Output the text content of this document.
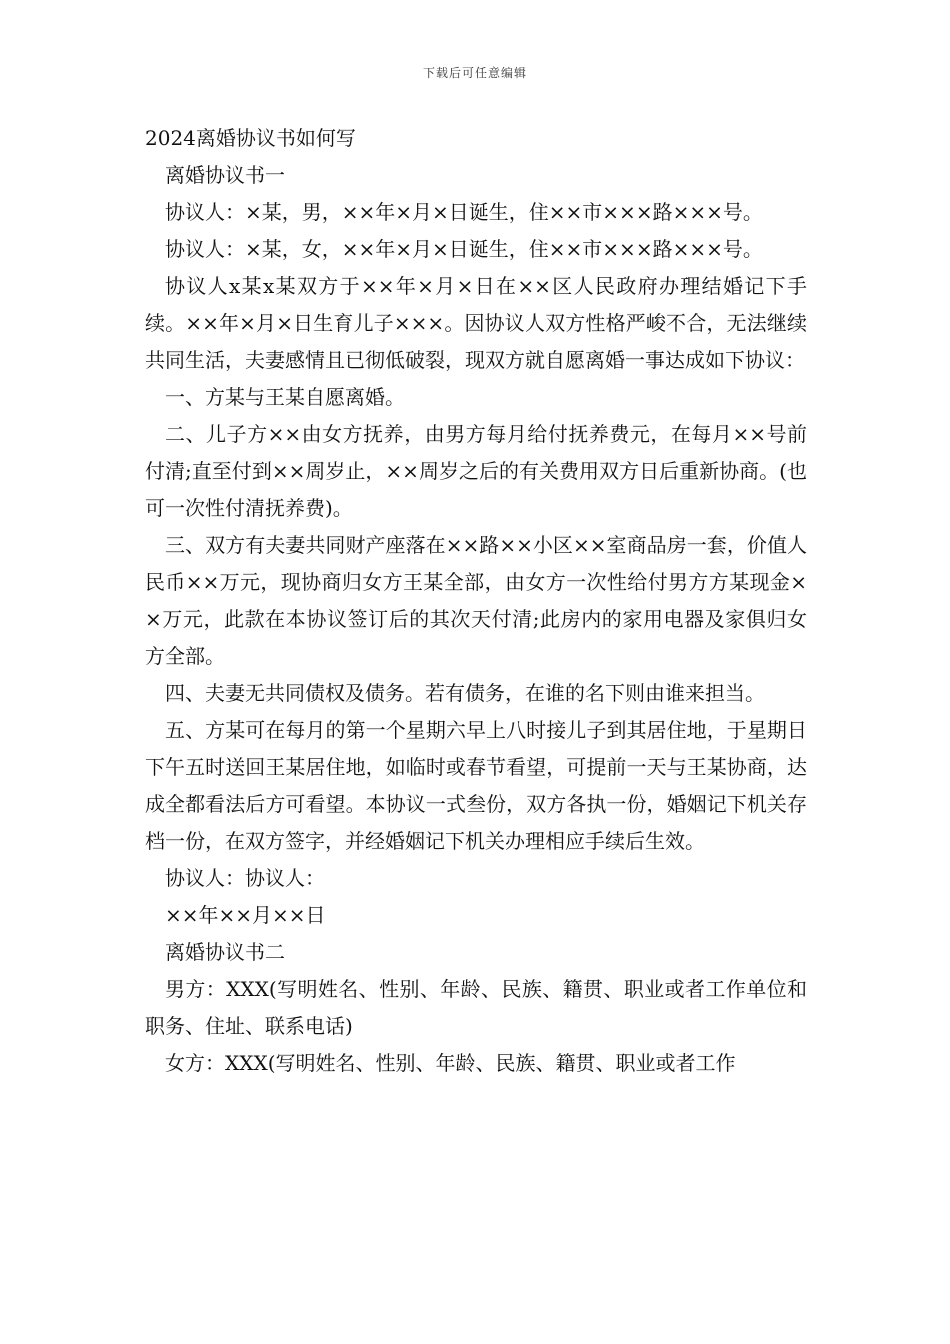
下载后可任意编辑

2024离婚协议书如何写

离婚协议书一

协议人：×某，男，××年×月×日诞生，住××市×××路×××号。

协议人：×某，女，××年×月×日诞生，住××市×××路×××号。

协议人x某x某双方于××年×月×日在××区人民政府办理结婚记下手续。××年×月×日生育儿子×××。因协议人双方性格严峻不合，无法继续共同生活，夫妻感情且已彻低破裂，现双方就自愿离婚一事达成如下协议：

一、方某与王某自愿离婚。

二、儿子方××由女方抚养，由男方每月给付抚养费元，在每月××号前付清;直至付到××周岁止，××周岁之后的有关费用双方日后重新协商。(也可一次性付清抚养费)。

三、双方有夫妻共同财产座落在××路××小区××室商品房一套，价值人民币××万元，现协商归女方王某全部，由女方一次性给付男方方某现金××万元，此款在本协议签订后的其次天付清;此房内的家用电器及家俱归女方全部。

四、夫妻无共同债权及债务。若有债务，在谁的名下则由谁来担当。

五、方某可在每月的第一个星期六早上八时接儿子到其居住地，于星期日下午五时送回王某居住地，如临时或春节看望，可提前一天与王某协商，达成全都看法后方可看望。本协议一式叁份，双方各执一份，婚姻记下机关存档一份，在双方签字，并经婚姻记下机关办理相应手续后生效。

协议人：协议人：

××年××月××日

离婚协议书二

男方：XXX(写明姓名、性别、年龄、民族、籍贯、职业或者工作单位和职务、住址、联系电话)

女方：XXX(写明姓名、性别、年龄、民族、籍贯、职业或者工作
